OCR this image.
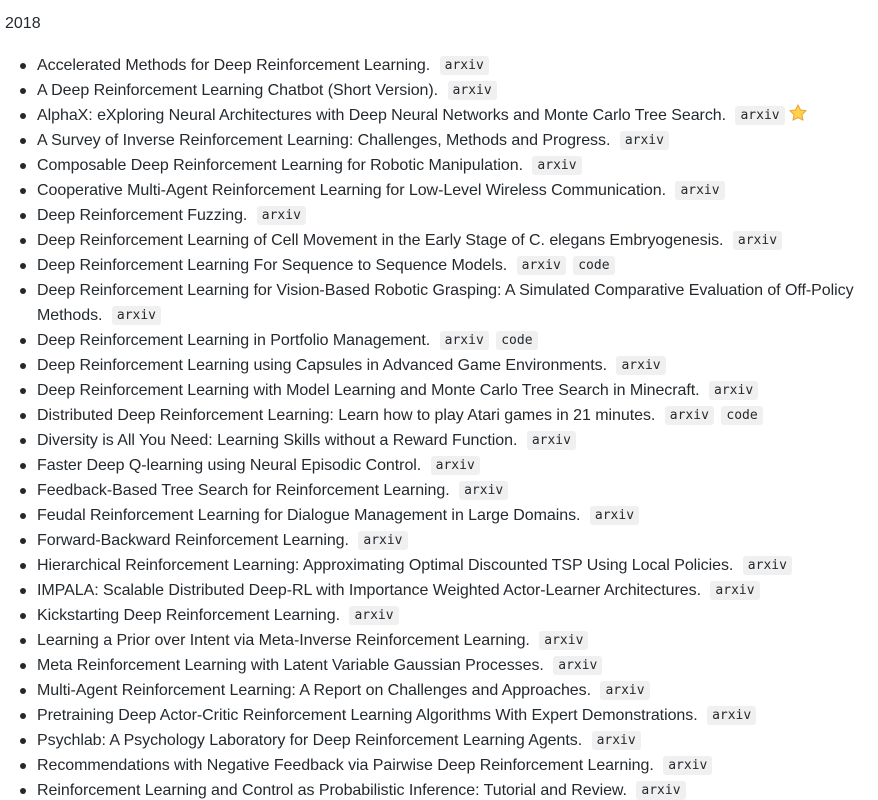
2018
Accelerated Methods for Deep Reinforcement Learning. arxiv
A Deep Reinforcement Learning Chatbot (Short Version). arxiv
AlphaX: eXploring Neural Architectures with Deep Neural Networks and Monte Carlo Tree Search. arxiv
A Survey of Inverse Reinforcement Learning: Challenges, Methods and Progress. arxiv
Composable Deep Reinforcement Learning for Robotic Manipulation. arxiv
Cooperative Multi-Agent Reinforcement Learning for Low-Level Wireless Communication. arxiv
Deep Reinforcement Fuzzing. arxiv
Deep Reinforcement Learning of Cell Movement in the Early Stage of C. elegans Embryogenesis. arxiv
Deep Reinforcement Learning For Sequence to Sequence Models. arxiv code
Deep Reinforcement Learning for Vision-Based Robotic Grasping: A Simulated Comparative Evaluation of Off-Policy Methods. arxiv
Deep Reinforcement Learning in Portfolio Management. arxiv code
Deep Reinforcement Learning using Capsules in Advanced Game Environments. arxiv
Deep Reinforcement Learning with Model Learning and Monte Carlo Tree Search in Minecraft. arxiv
Distributed Deep Reinforcement Learning: Learn how to play Atari games in 21 minutes. arxiv code
Diversity is All You Need: Learning Skills without a Reward Function. arxiv
Faster Deep Q-learning using Neural Episodic Control. arxiv
Feedback-Based Tree Search for Reinforcement Learning. arxiv
Feudal Reinforcement Learning for Dialogue Management in Large Domains. arxiv
Forward-Backward Reinforcement Learning. arxiv
Hierarchical Reinforcement Learning: Approximating Optimal Discounted TSP Using Local Policies. arxiv
IMPALA: Scalable Distributed Deep-RL with Importance Weighted Actor-Learner Architectures. arxiv
Kickstarting Deep Reinforcement Learning. arxiv
Learning a Prior over Intent via Meta-Inverse Reinforcement Learning. arxiv
Meta Reinforcement Learning with Latent Variable Gaussian Processes. arxiv
Multi-Agent Reinforcement Learning: A Report on Challenges and Approaches. arxiv
Pretraining Deep Actor-Critic Reinforcement Learning Algorithms With Expert Demonstrations. arxiv
Psychlab: A Psychology Laboratory for Deep Reinforcement Learning Agents. arxiv
Recommendations with Negative Feedback via Pairwise Deep Reinforcement Learning. arxiv
Reinforcement Learning and Control as Probabilistic Inference: Tutorial and Review. arxiv
